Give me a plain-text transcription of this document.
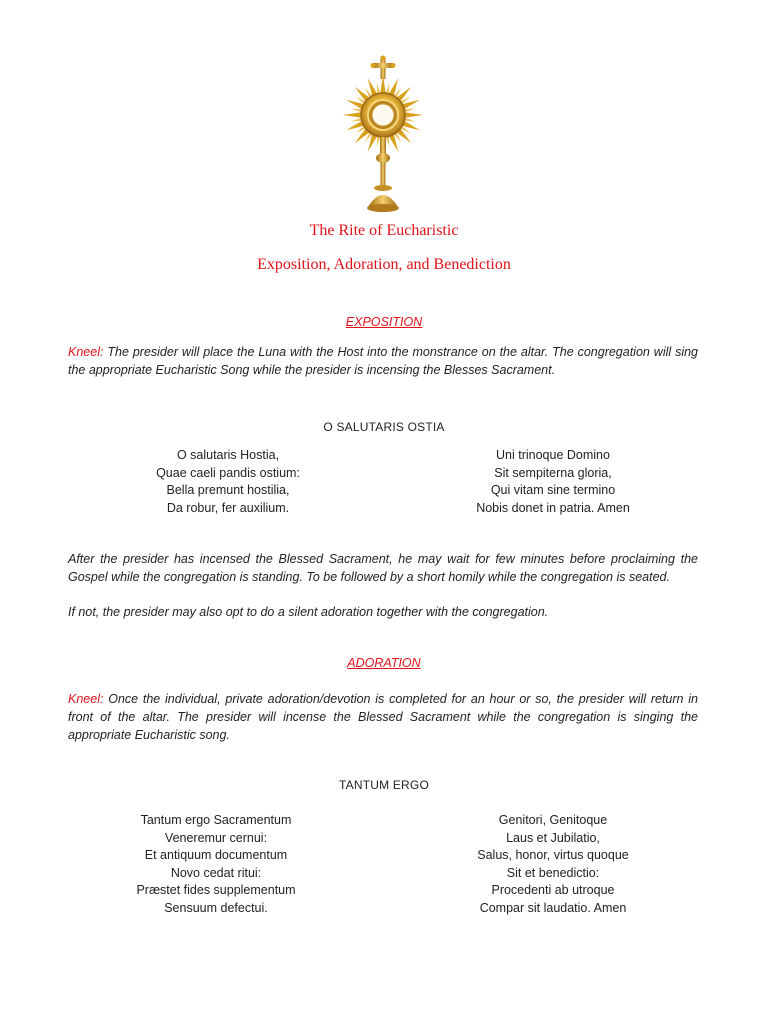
The Rite of Eucharistic
Exposition, Adoration, and Benediction
EXPOSITION
Kneel: The presider will place the Luna with the Host into the monstrance on the altar. The congregation will sing the appropriate Eucharistic Song while the presider is incensing the Blesses Sacrament.
O SALUTARIS OSTIA
O salutaris Hostia,
Quae caeli pandis ostium:
Bella premunt hostilia,
Da robur, fer auxilium.
Uni trinoque Domino
Sit sempiterna gloria,
Qui vitam sine termino
Nobis donet in patria. Amen
After the presider has incensed the Blessed Sacrament, he may wait for few minutes before proclaiming the Gospel while the congregation is standing. To be followed by a short homily while the congregation is seated.
If not, the presider may also opt to do a silent adoration together with the congregation.
ADORATION
Kneel: Once the individual, private adoration/devotion is completed for an hour or so, the presider will return in front of the altar. The presider will incense the Blessed Sacrament while the congregation is singing the appropriate Eucharistic song.
TANTUM ERGO
Tantum ergo Sacramentum
Veneremur cernui:
Et antiquum documentum
Novo cedat ritui:
Præstet fides supplementum
Sensuum defectui.
Genitori, Genitoque
Laus et Jubilatio,
Salus, honor, virtus quoque
Sit et benedictio:
Procedenti ab utroque
Compar sit laudatio. Amen
